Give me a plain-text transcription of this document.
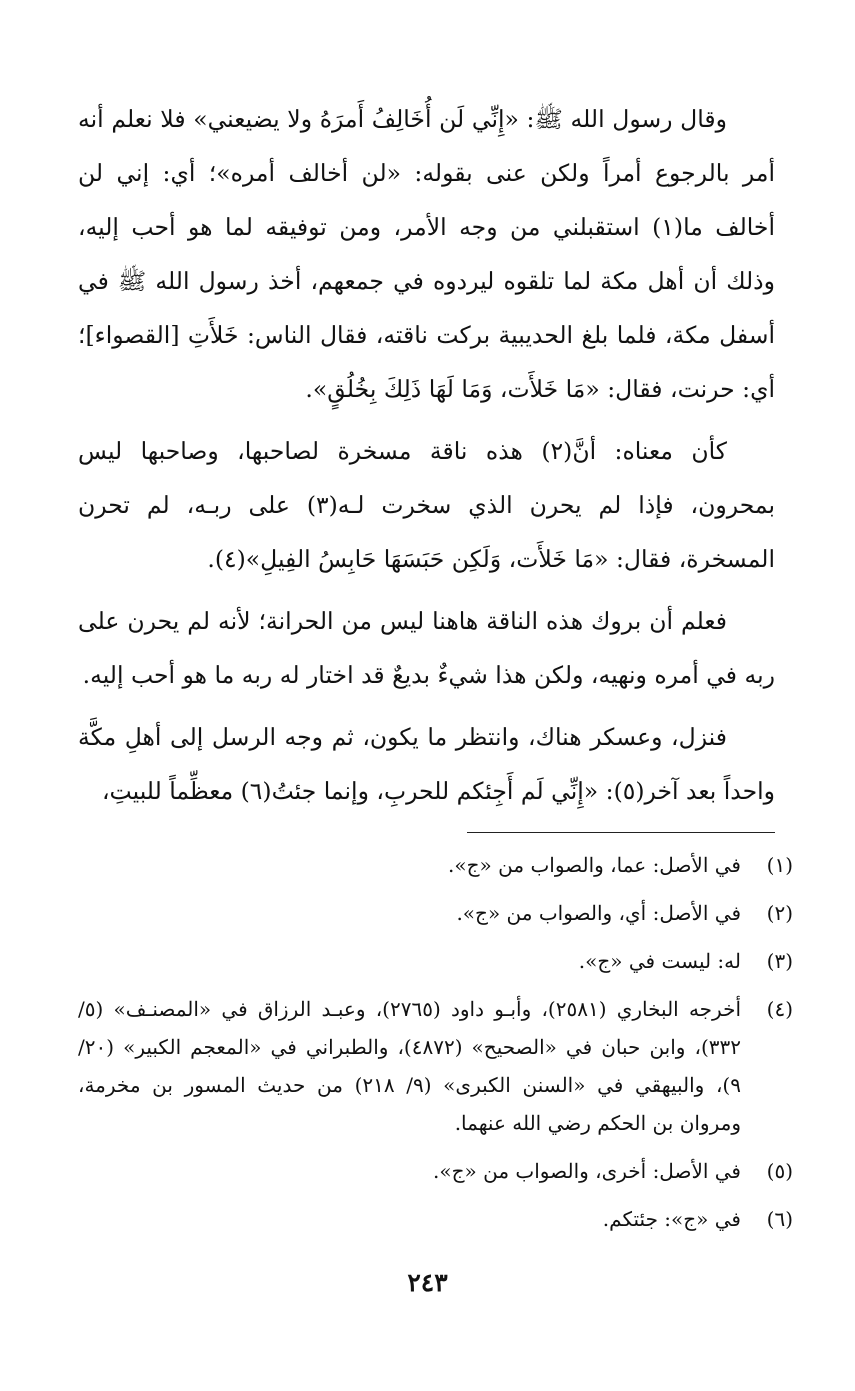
وقال رسول الله ﷺ: «إِنِّي لَن أُخَالِفُ أَمرَهُ ولا يضيعني» فلا نعلم أنه أمر بالرجوع أمراً ولكن عنى بقوله: «لن أخالف أمره»؛ أي: إني لن أخالف ما(١) استقبلني من وجه الأمر، ومن توفيقه لما هو أحب إليه، وذلك أن أهل مكة لما تلقوه ليردوه في جمعهم، أخذ رسول الله ﷺ في أسفل مكة، فلما بلغ الحديبية بركت ناقته، فقال الناس: خَلأَتِ [القصواء]؛ أي: حرنت، فقال: «مَا خَلأَت، وَمَا لَهَا ذَلِكَ بِخُلُقٍ».

كأن معناه: أنَّ(٢) هذه ناقة مسخرة لصاحبها، وصاحبها ليس بمحرون، فإذا لم يحرن الذي سخرت لـه(٣) على ربـه، لم تحرن المسخرة، فقال: «مَا خَلأَت، وَلَكِن حَبَسَهَا حَابِسُ الفِيلِ»(٤).

فعلم أن بروك هذه الناقة هاهنا ليس من الحرانة؛ لأنه لم يحرن على ربه في أمره ونهيه، ولكن هذا شيءٌ بديعٌ قد اختار له ربه ما هو أحب إليه.

فنزل، وعسكر هناك، وانتظر ما يكون، ثم وجه الرسل إلى أهلِ مكَّة واحداً بعد آخر(٥): «إِنِّي لَم أَجِئكم للحربِ، وإنما جئتُ(٦) معظِّماً للبيتِ،

(١)
في الأصل: عما، والصواب من «ج».
(٢)
في الأصل: أي، والصواب من «ج».
(٣)
له: ليست في «ج».
(٤)
أخرجه البخاري (٢٥٨١)، وأبـو داود (٢٧٦٥)، وعبـد الرزاق في «المصنـف» (٥/ ٣٣٢)، وابن حبان في «الصحيح» (٤٨٧٢)، والطبراني في «المعجم الكبير» (٢٠/ ٩)، والبيهقي في «السنن الكبرى» (٩/ ٢١٨) من حديث المسور بن مخرمة، ومروان بن الحكم رضي الله عنهما.
(٥)
في الأصل: أخرى، والصواب من «ج».
(٦)
في «ج»: جئتكم.
٢٤٣
